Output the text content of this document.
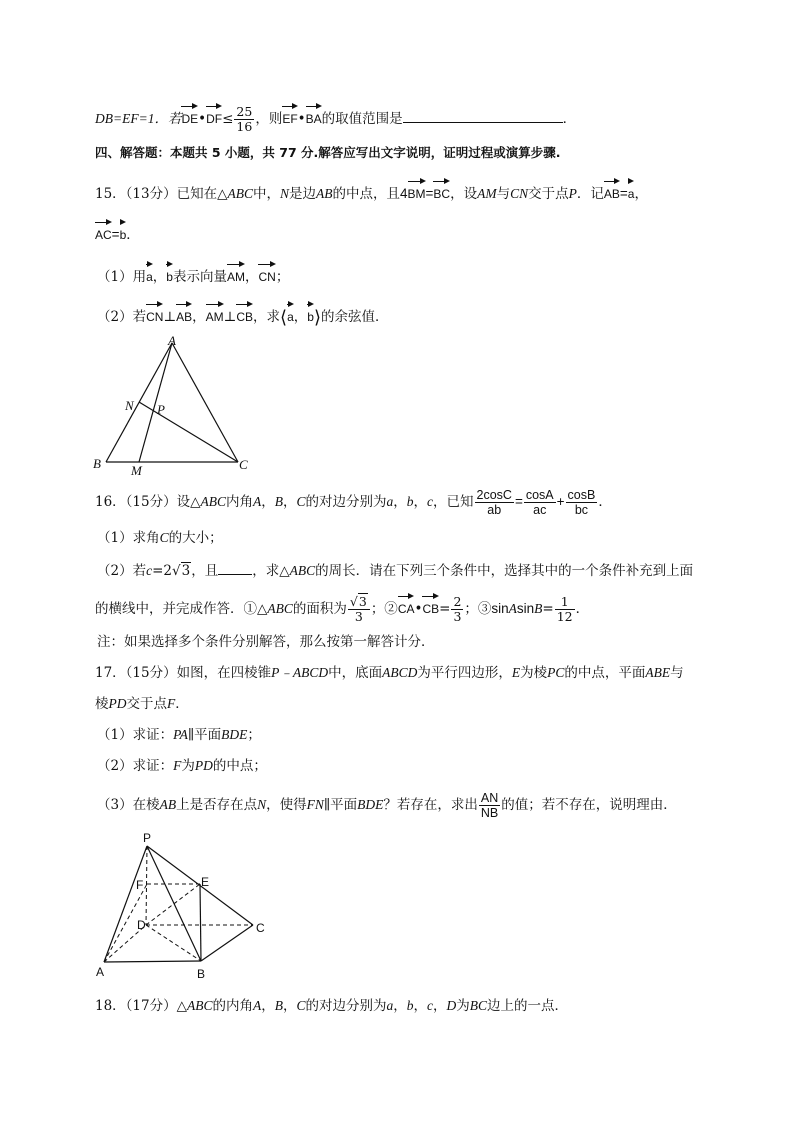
DB=EF=1．若DE•DF≤ $\frac{25}{16}$ ，则EF•BA的取值范围是	．
四、解答题：本题共 5 小题，共 77 分.解答应写出文字说明，证明过程或演算步骤.
15．（13分）已知在△ABC中，N是边AB的中点，且4BM=BC，设AM与CN交于点P．记AB=a，
AC=b．
（1）用a，b表示向量AM，CN；
（2）若CN⊥AB，AM⊥CB，求⟨a，b⟩的余弦值．
A
B	C
N P
M
16．（15分）设△ABC内角A，B，C的对边分别为a，b，c，已知 $\frac{2\cos C}{ab} = \frac{\cos A}{ac} + \frac{\cos B}{bc}$ ．
（1）求角C的大小；
（2）若c=2√3，且	，求△ABC的周长．请在下列三个条件中，选择其中的一个条件补充到上面
的横线中，并完成作答．①△ABC的面积为 $\frac{√3}{3}$ ；②CA•CB= $\frac{2}{3}$ ；③sinAsinB= $\frac{1}{12}$ ．
注：如果选择多个条件分别解答，那么按第一解答计分．
17．（15分）如图，在四棱锥P﹣ABCD中，底面ABCD为平行四边形，E为棱PC的中点，平面ABE与
棱PD交于点F．
（1）求证：PA∥平面BDE；
（2）求证：F为PD的中点；
（3）在棱AB上是否存在点N，使得FN∥平面BDE？若存在，求出 $\frac{AN}{NB}$ 的值；若不存在，说明理由．
P
F	E
D	C
A	B
18．（17分）△ABC的内角A，B，C的对边分别为a，b，c，D为BC边上的一点．
